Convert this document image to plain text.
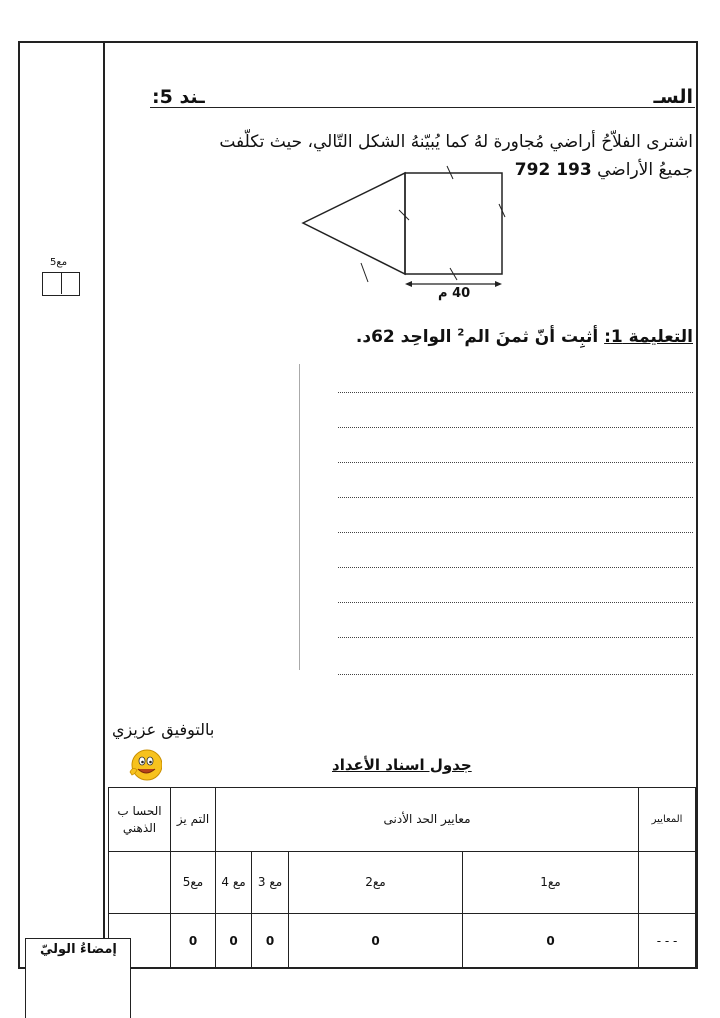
السـ
ـند 5:
اشترى الفلاّحُ أراضي مُجاورة لهُ كما يُبيّنهُ الشكل التّالي، حيث تكلّفت
جميعُ الأراضي 193 792
40 م
التعليمة 1: أثبِت أنّ ثمنَ الم$^2$ الواحِد 62د.
مع5
بالتوفيق عزيزي
جدول اسناد الأعداد
الحسا ب الذهني	التم يز	معايير الحد الأدنى				المعايير
	مع5	مع 4	مع 3	مع2	مع1	
	0	0	0	0	0	- - -
إمضاءُ الوليّ
